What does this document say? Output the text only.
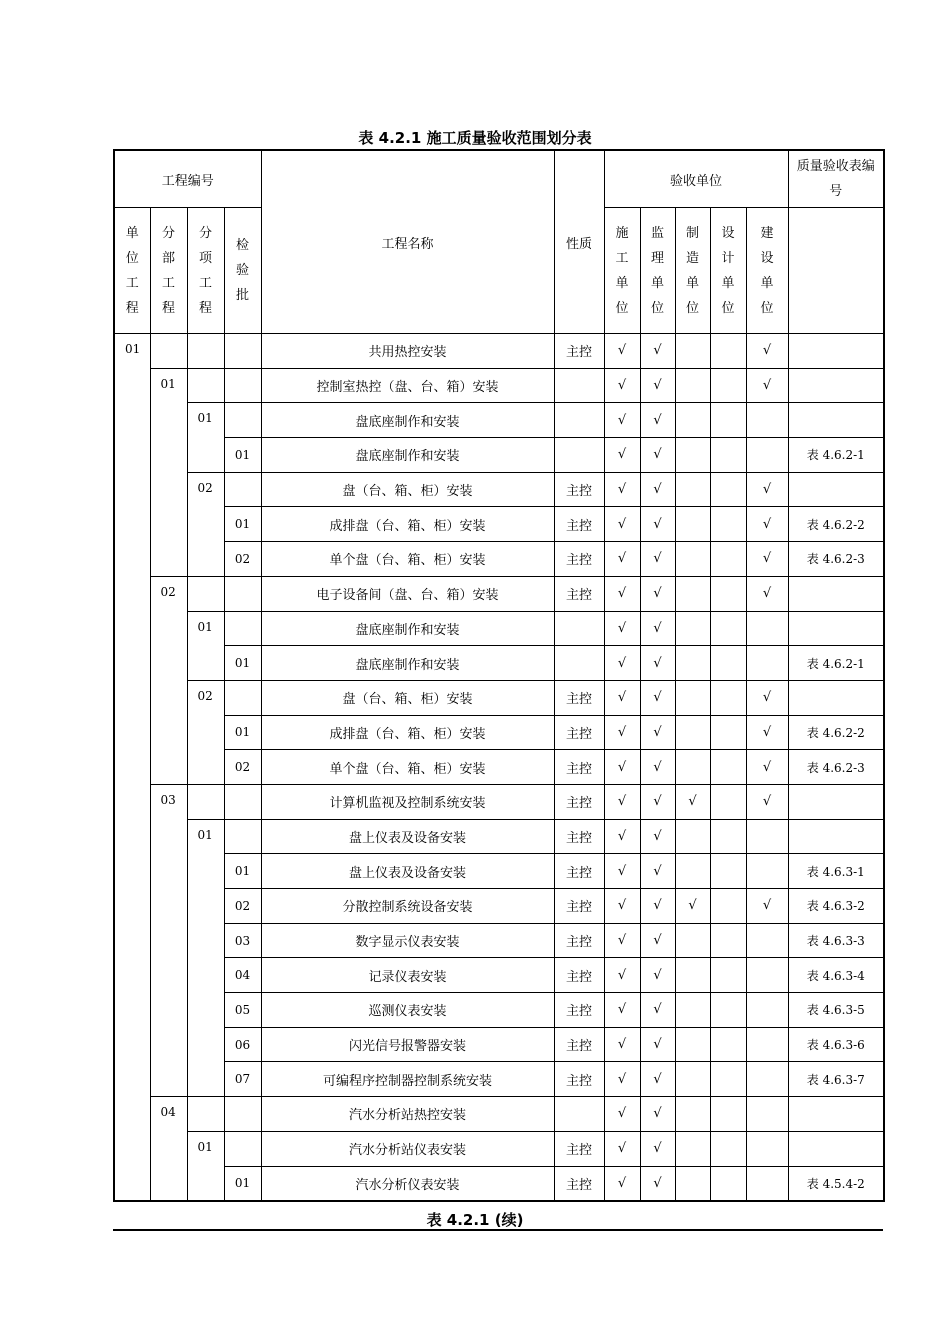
表 4.2.1 施工质量验收范围划分表
工程编号				工程名称	性质	验收单位					质量验收表编号
单位工程	分部工程	分项工程	检验批			施工单位	监理单位	制造单位	设计单位	建设单位	
01				共用热控安装	主控	√	√			√	
	01			控制室热控（盘、台、箱）安装		√	√			√	
		01		盘底座制作和安装		√	√				
			01	盘底座制作和安装		√	√				表 4.6.2-1
		02		盘（台、箱、柜）安装	主控	√	√			√	
			01	成排盘（台、箱、柜）安装	主控	√	√			√	表 4.6.2-2
			02	单个盘（台、箱、柜）安装	主控	√	√			√	表 4.6.2-3
	02			电子设备间（盘、台、箱）安装	主控	√	√			√	
		01		盘底座制作和安装		√	√				
			01	盘底座制作和安装		√	√				表 4.6.2-1
		02		盘（台、箱、柜）安装	主控	√	√			√	
			01	成排盘（台、箱、柜）安装	主控	√	√			√	表 4.6.2-2
			02	单个盘（台、箱、柜）安装	主控	√	√			√	表 4.6.2-3
	03			计算机监视及控制系统安装	主控	√	√	√		√	
		01		盘上仪表及设备安装	主控	√	√				
			01	盘上仪表及设备安装	主控	√	√				表 4.6.3-1
			02	分散控制系统设备安装	主控	√	√	√		√	表 4.6.3-2
			03	数字显示仪表安装	主控	√	√				表 4.6.3-3
			04	记录仪表安装	主控	√	√				表 4.6.3-4
			05	巡测仪表安装	主控	√	√				表 4.6.3-5
			06	闪光信号报警器安装	主控	√	√				表 4.6.3-6
			07	可编程序控制器控制系统安装	主控	√	√				表 4.6.3-7
	04			汽水分析站热控安装		√	√				
		01		汽水分析站仪表安装	主控	√	√				
			01	汽水分析仪表安装	主控	√	√				表 4.5.4-2
表 4.2.1 (续)
